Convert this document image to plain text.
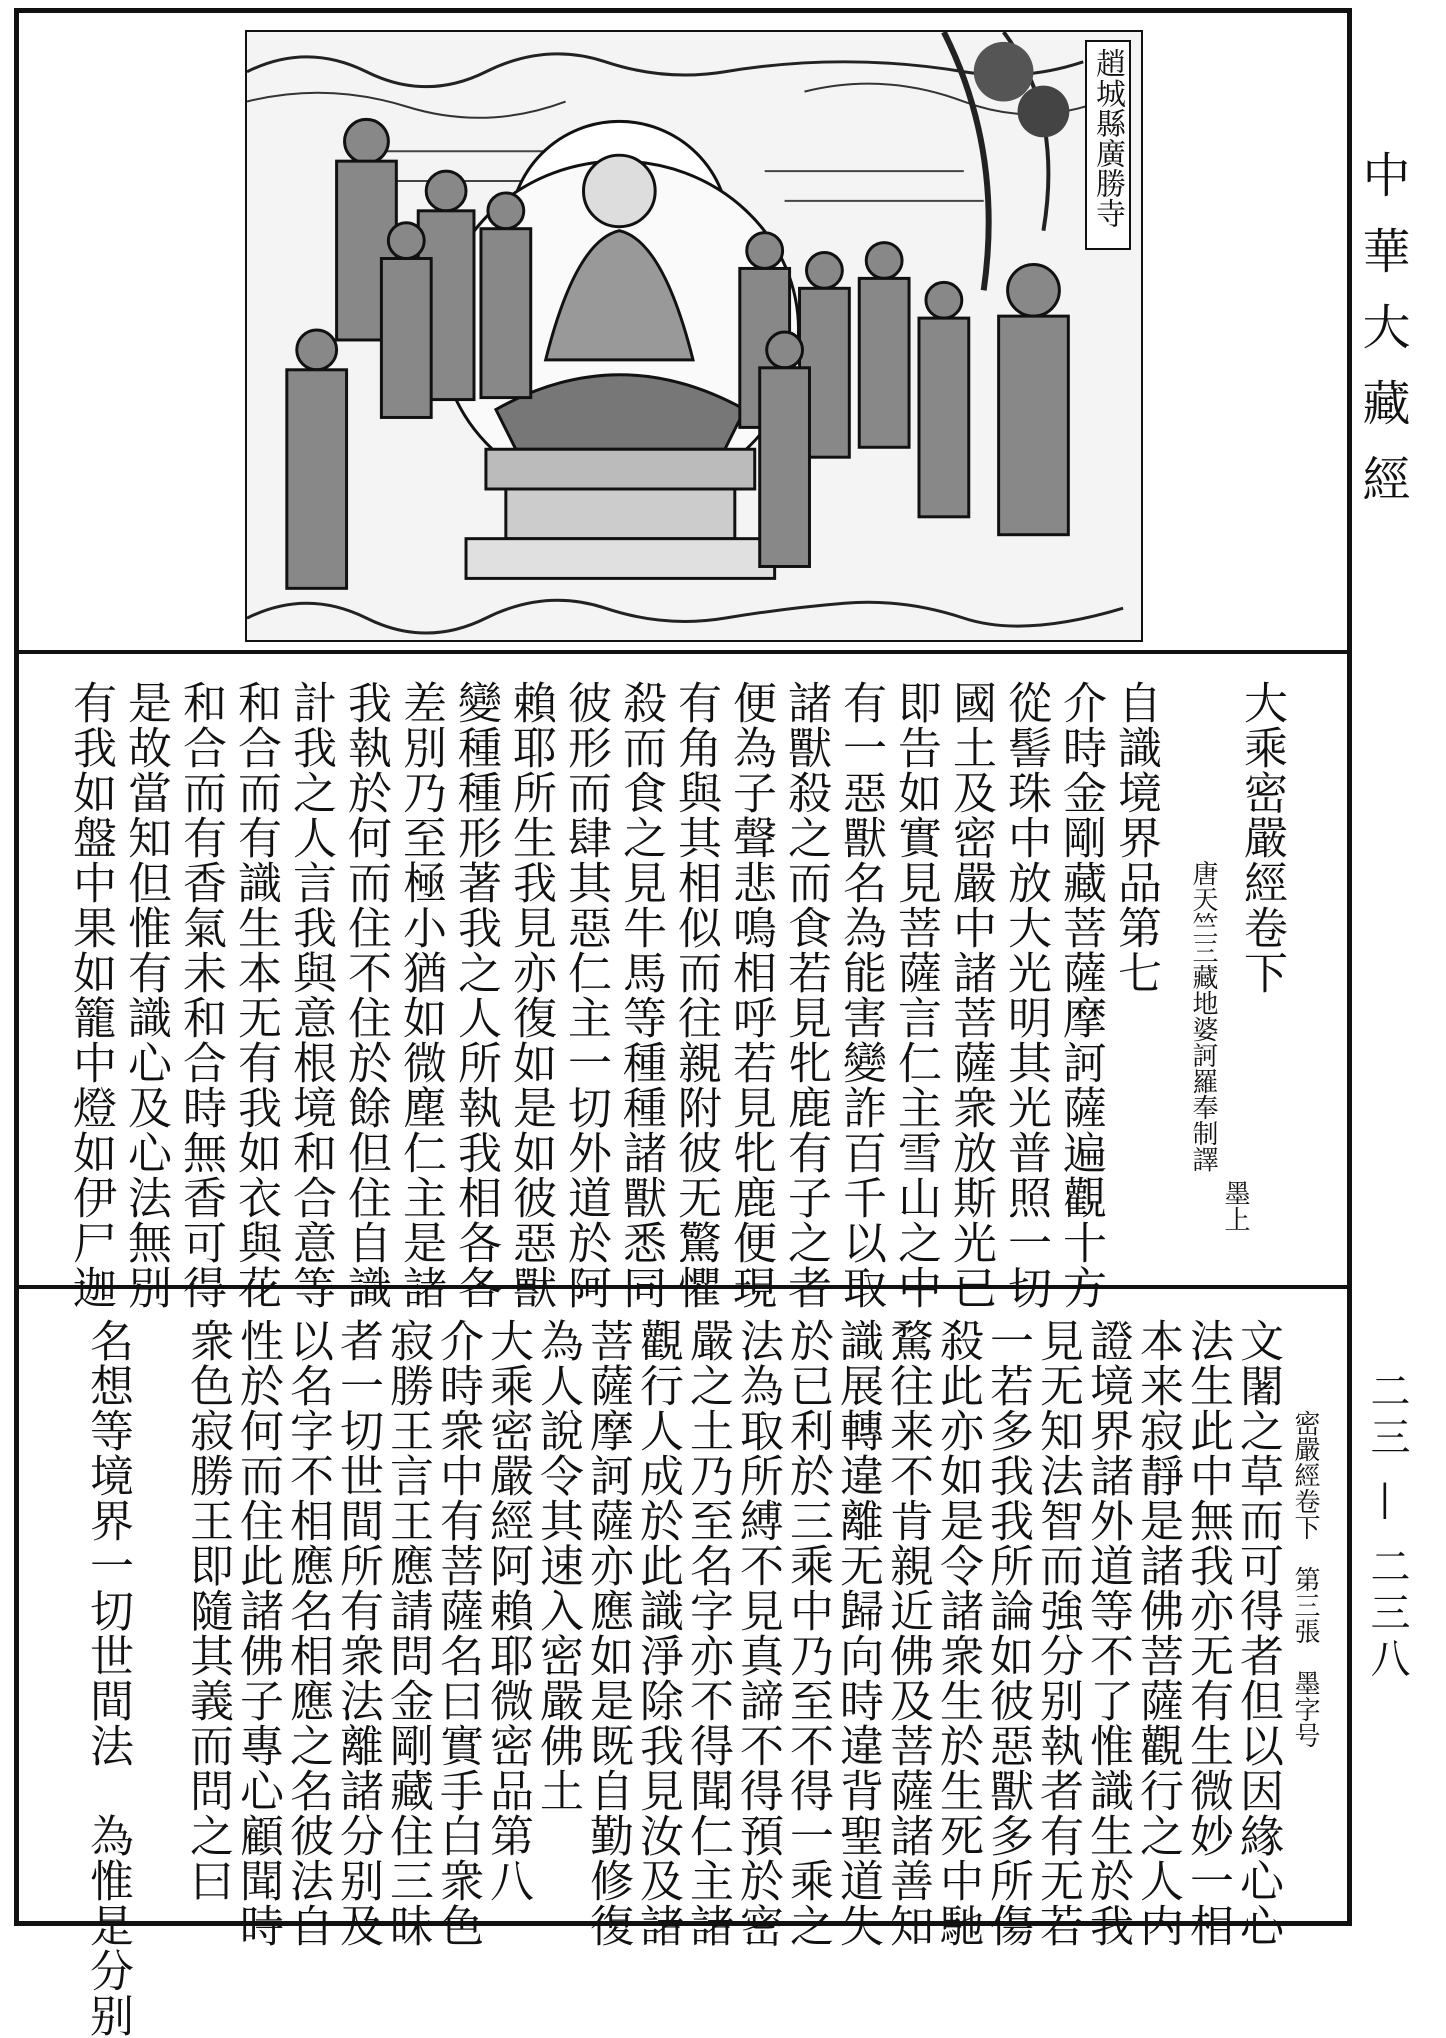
趙城縣廣勝寺
大乘密嚴經卷下
唐天竺三藏地婆訶羅奉制譯
墨上
自識境界品第七
介時金剛藏菩薩摩訶薩遍觀十方
從髻珠中放大光明其光普照一切
國土及密嚴中諸菩薩衆放斯光已
即告如實見菩薩言仁主雪山之中
有一惡獸名為能害變詐百千以取
諸獸殺之而食若見牝鹿有子之者
便為子聲悲鳴相呼若見牝鹿便現
有角與其相似而往親附彼无驚懼
殺而食之見牛馬等種種諸獸悉同
彼形而肆其惡仁主一切外道於阿
賴耶所生我見亦復如是如彼惡獸
變種種形著我之人所執我相各各
差別乃至極小猶如微塵仁主是諸
我執於何而住不住於餘但住自識
計我之人言我與意根境和合意等
和合而有識生本无有我如衣與花
和合而有香氣未和合時無香可得
是故當知但惟有識心及心法無別
有我如盤中果如籠中燈如伊尸迦
密嚴經卷下　第三張　墨字号
文闍之草而可得者但以因緣心心
法生此中無我亦无有生微妙一相
本来寂靜是諸佛菩薩觀行之人内
證境界諸外道等不了惟識生於我
見无知法智而強分别執者有无若
一若多我我所論如彼惡獸多所傷
殺此亦如是令諸衆生於生死中馳
騖往来不肯親近佛及菩薩諸善知
識展轉違離无歸向時違背聖道失
於已利於三乘中乃至不得一乘之
法為取所縛不見真諦不得預於密
嚴之土乃至名字亦不得聞仁主諸
觀行人成於此識淨除我見汝及諸
菩薩摩訶薩亦應如是既自勤修復
為人說令其速入密嚴佛土
大乘密嚴經阿賴耶微密品第八
介時衆中有菩薩名曰實手白衆色
寂勝王言王應請問金剛藏住三昧
者一切世間所有衆法離諸分别及
以名字不相應名相應之名彼法自
性於何而住此諸佛子專心顧聞時
衆色寂勝王即隨其義而問之曰
名想等境界一切世間法　為惟是分别
中華大藏經
二三 — 二三八
